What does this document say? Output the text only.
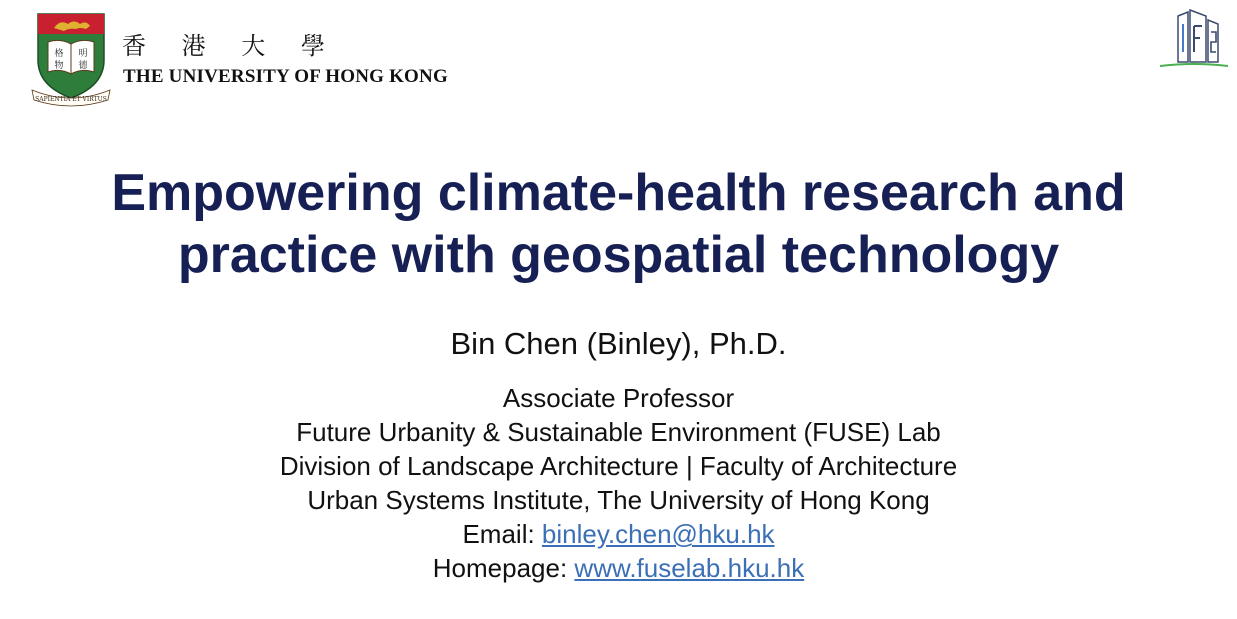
格 明
物 德
SAPIENTIA ET VIRTUS
香 港 大 學
THE UNIVERSITY OF HONG KONG
Empowering climate-health research and
practice with geospatial technology
Bin Chen (Binley), Ph.D.
Associate Professor
Future Urbanity & Sustainable Environment (FUSE) Lab
Division of Landscape Architecture | Faculty of Architecture
Urban Systems Institute, The University of Hong Kong
Email: binley.chen@hku.hk
Homepage: www.fuselab.hku.hk
